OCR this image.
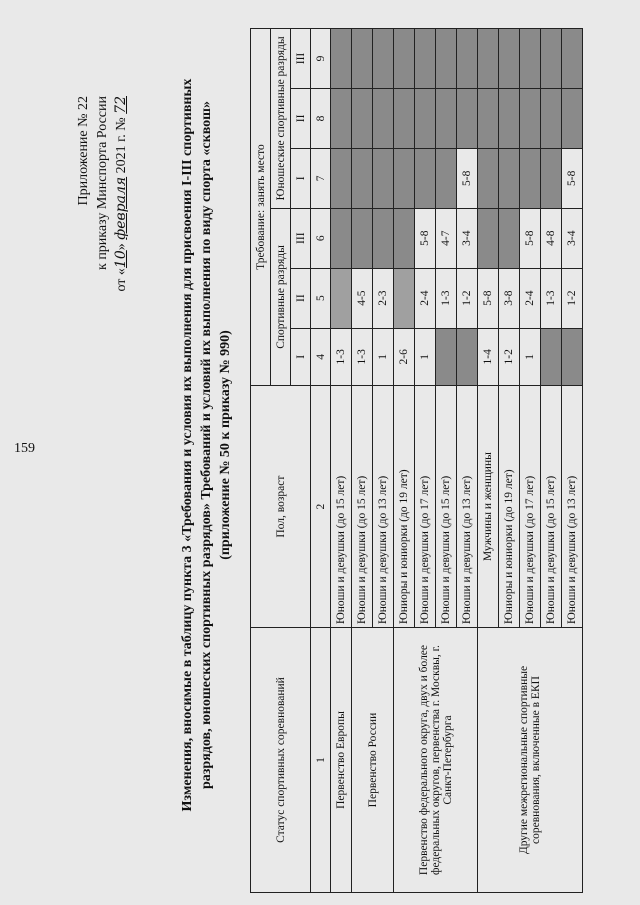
159
Приложение № 22 к приказу Минспорта России
от «10» февраля 2021 г. № 72	Изменения, вносимые в таблицу пункта 3 «Требования и условия их выполнения для присвоения I-III спортивных разрядов, юношеских спортивных разрядов» Требований и условий их выполнения по виду спорта «сквош» (приложение № 50 к приказу № 990)
Статус спортивных соревнований	Пол, возраст	Требование: занять место					
		Спортивные разряды			Юношеские спортивные разряды		
		I	II	III	I	II	III
1	2	4	5	6	7	8	9
Первенство Европы	Юноши и девушки (до 15 лет)	1-3					
Первенство России	Юноши и девушки (до 15 лет)	1-3	4-5				
	Юноши и девушки (до 13 лет)	1	2-3				
Первенство федерального округа, двух и более федеральных округов, первенства г. Москвы, г. Санкт-Петербурга	Юниоры и юниорки (до 19 лет)	2-6					
	Юноши и девушки (до 17 лет)	1	2-4	5-8			
	Юноши и девушки (до 15 лет)		1-3	4-7			
	Юноши и девушки (до 13 лет)		1-2	3-4	5-8		
Другие межрегиональные спортивные соревнования, включенные в ЕКП	Мужчины и женщины	1-4	5-8				
	Юниоры и юниорки (до 19 лет)	1-2	3-8				
	Юноши и девушки (до 17 лет)	1	2-4	5-8			
	Юноши и девушки (до 15 лет)		1-3	4-8			
	Юноши и девушки (до 13 лет)		1-2	3-4	5-8		
